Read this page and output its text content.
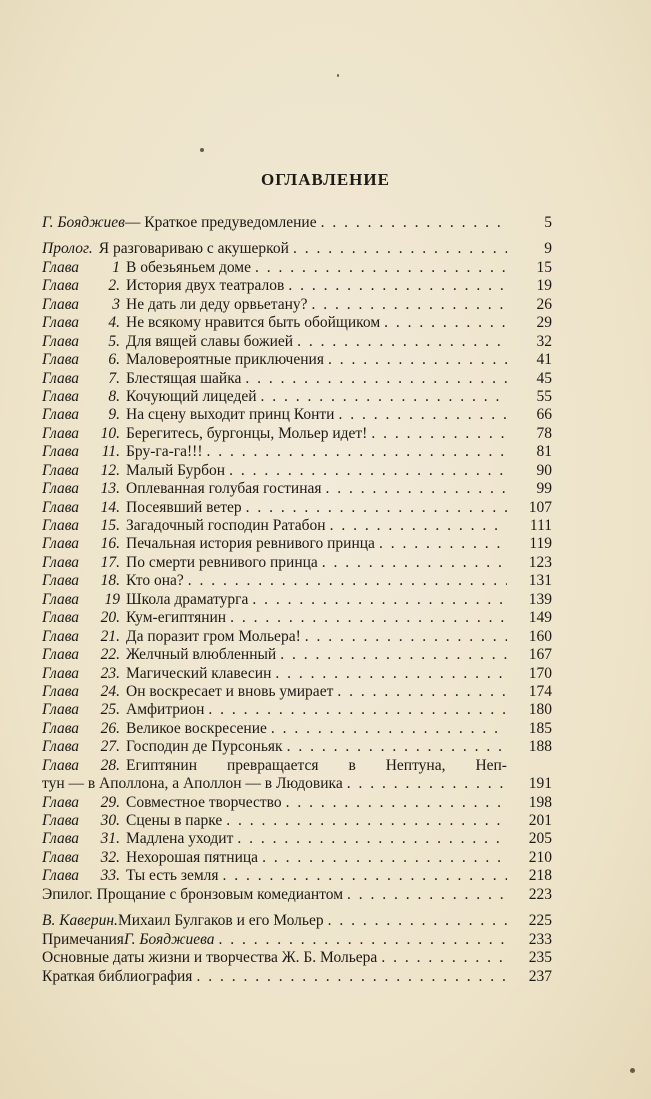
ОГЛАВЛЕНИЕ
Г. Бояджиев — Краткое предуведомление . . .	5
Пролог. Я разговариваю с акушеркой . . .	9
Глава	1 В обезьяньем доме . . .	15
Глава	2. История двух театралов . . .	19
Глава	3 Не дать ли деду орвьетану? . . .	26
Глава	4. Не всякому нравится быть обойщиком . . .	29
Глава	5. Для вящей славы божией . . .	32
Глава	6. Маловероятные приключения . . .	41
Глава	7. Блестящая шайка . . .	45
Глава	8. Кочующий лицедей . . .	55
Глава	9. На сцену выходит принц Конти . . .	66
Глава	10. Берегитесь, бургонцы, Мольер идет! . . .	78
Глава	11. Бру-га-га!!! . . .	81
Глава	12. Малый Бурбон . . .	90
Глава	13. Оплеванная голубая гостиная . . .	99
Глава	14. Посеявший ветер . . .	107
Глава	15. Загадочный господин Ратабон . . .	111
Глава	16. Печальная история ревнивого принца . . .	119
Глава	17. По смерти ревнивого принца . . .	123
Глава	18. Кто она? . . .	131
Глава	19 Школа драматурга . . .	139
Глава	20. Кум-египтянин . . .	149
Глава	21. Да поразит гром Мольера! . . .	160
Глава	22. Желчный влюбленный . . .	167
Глава	23. Магический клавесин . . .	170
Глава	24. Он воскресает и вновь умирает . . .	174
Глава	25. Амфитрион . . .	180
Глава	26. Великое воскресение . . .	185
Глава	27. Господин де Пурсоньяк . . .	188
Глава 28. Египтянин превращается в Нептуна, Неп-
тун — в Аполлона, а Аполлон — в Людовика . . .	191
Глава	29. Совместное творчество . . .	198
Глава	30. Сцены в парке . . .	201
Глава	31. Мадлена уходит . . .	205
Глава	32. Нехорошая пятница . . .	210
Глава	33. Ты есть земля . . .	218
Эпилог. Прощание с бронзовым комедиантом . . .	223
В. Каверин. Михаил Булгаков и его Мольер . . .	225
Примечания Г. Бояджиева . . .	233
Основные даты жизни и творчества Ж. Б. Мольера . . .	235
Краткая библиография . . .	237
